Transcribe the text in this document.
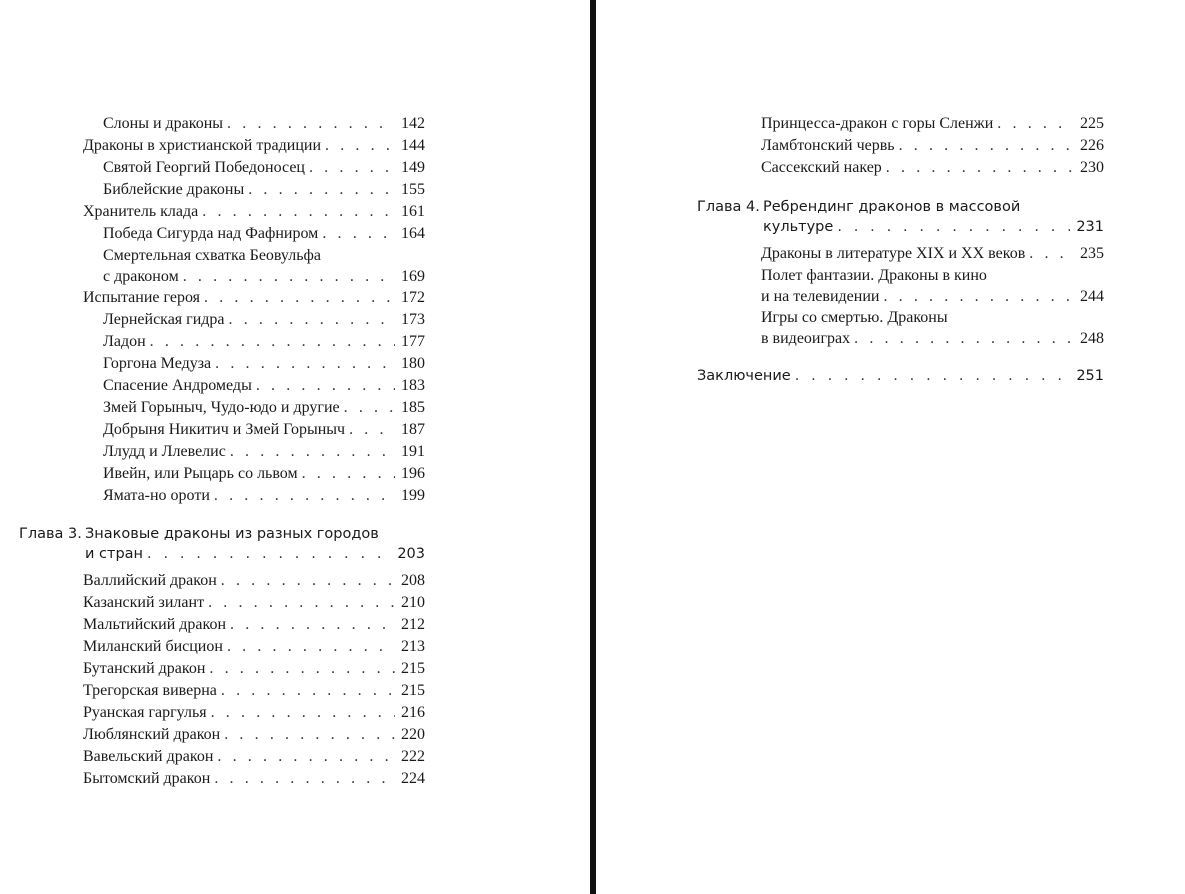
Слоны и драконы . . .	142
Драконы в христианской традиции . . .	144
Святой Георгий Победоносец . . .	149
Библейские драконы . . .	155
Хранитель клада . . .	161
Победа Сигурда над Фафниром . . .	164
Смертельная схватка Беовульфа
с драконом . . .	169
Испытание героя . . .	172
Лернейская гидра . . .	173
Ладон . . .	177
Горгона Медуза . . .	180
Спасение Андромеды . . .	183
Змей Горыныч, Чудо-юдо и другие . . .	185
Добрыня Никитич и Змей Горыныч . . .	187
Ллудд и Ллевелис . . .	191
Ивейн, или Рыцарь со львом . . .	196
Ямата-но ороти . . .	199
Глава 3. Знаковые драконы из разных городов
и стран . . .	203
Валлийский дракон . . .	208
Казанский зилант . . .	210
Мальтийский дракон . . .	212
Миланский бисцион . . .	213
Бутанский дракон . . .	215
Трегорская виверна . . .	215
Руанская гаргулья . . .	216
Люблянский дракон . . .	220
Вавельский дракон . . .	222
Бытомский дракон . . .	224
Принцесса-дракон с горы Сленжи . . .	225
Ламбтонский червь . . .	226
Сассекский накер . . .	230
Глава 4. Ребрендинг драконов в массовой
культуре . . .	231
Драконы в литературе XIX и XX веков . . .	235
Полет фантазии. Драконы в кино
и на телевидении . . .	244
Игры со смертью. Драконы
в видеоиграх . . .	248
Заключение . . .	251
